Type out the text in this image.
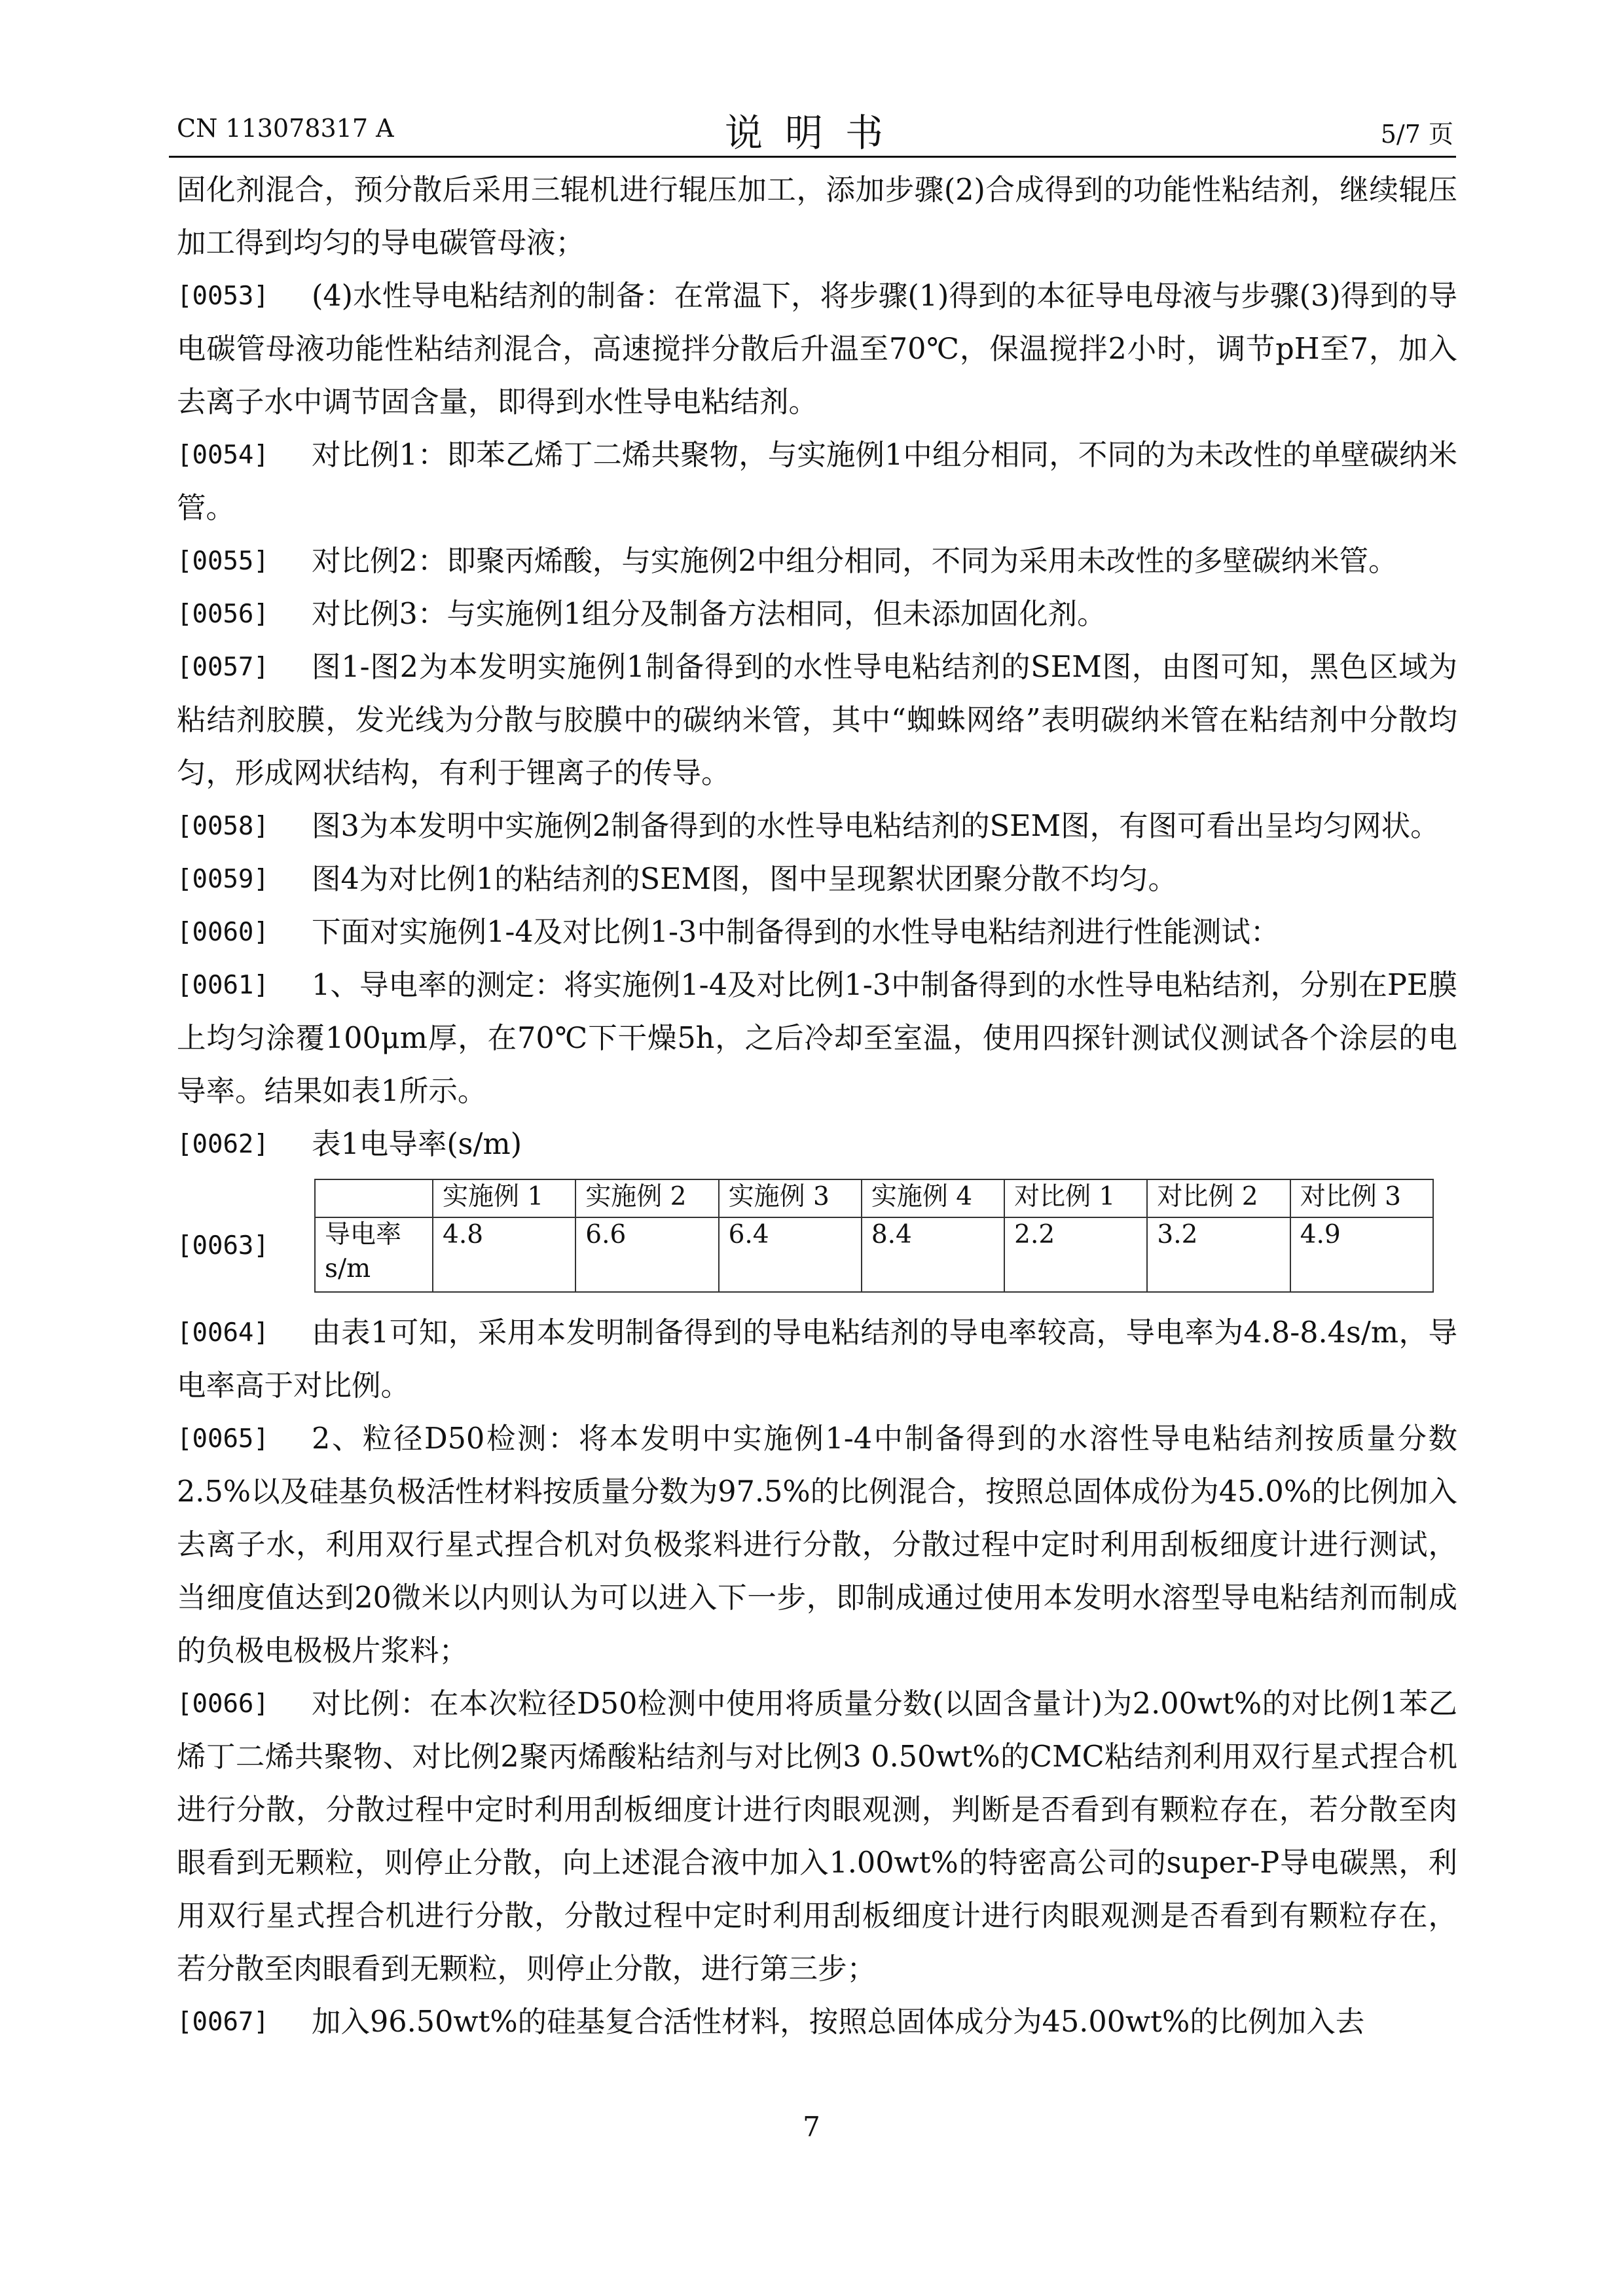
CN 113078317 A	说明书	5/7 页
固化剂混合，预分散后采用三辊机进行辊压加工，添加步骤(2)合成得到的功能性粘结剂，继续辊压加工得到均匀的导电碳管母液；
[0053]	(4)水性导电粘结剂的制备：在常温下，将步骤(1)得到的本征导电母液与步骤(3)得到的导电碳管母液功能性粘结剂混合，高速搅拌分散后升温至70℃，保温搅拌2小时，调节pH至7，加入去离子水中调节固含量，即得到水性导电粘结剂。
[0054]	对比例1：即苯乙烯丁二烯共聚物，与实施例1中组分相同，不同的为未改性的单壁碳纳米管。
[0055]	对比例2：即聚丙烯酸，与实施例2中组分相同，不同为采用未改性的多壁碳纳米管。
[0056]	对比例3：与实施例1组分及制备方法相同，但未添加固化剂。
[0057]	图1-图2为本发明实施例1制备得到的水性导电粘结剂的SEM图，由图可知，黑色区域为粘结剂胶膜，发光线为分散与胶膜中的碳纳米管，其中“蜘蛛网络”表明碳纳米管在粘结剂中分散均匀，形成网状结构，有利于锂离子的传导。
[0058]	图3为本发明中实施例2制备得到的水性导电粘结剂的SEM图，有图可看出呈均匀网状。
[0059]	图4为对比例1的粘结剂的SEM图，图中呈现絮状团聚分散不均匀。
[0060]	下面对实施例1-4及对比例1-3中制备得到的水性导电粘结剂进行性能测试：
[0061]	1、导电率的测定：将实施例1-4及对比例1-3中制备得到的水性导电粘结剂，分别在PE膜上均匀涂覆100μm厚，在70℃下干燥5h，之后冷却至室温，使用四探针测试仪测试各个涂层的电导率。结果如表1所示。
[0062]	表1电导率(s/m)
[0063]
	实施例 1	实施例 2	实施例 3	实施例 4	对比例 1	对比例 2	对比例 3
导电率 s/m	4.8	6.6	6.4	8.4	2.2	3.2	4.9
[0064]	由表1可知，采用本发明制备得到的导电粘结剂的导电率较高，导电率为4.8-8.4s/m，导电率高于对比例。
[0065]	2、粒径D50检测：将本发明中实施例1-4中制备得到的水溶性导电粘结剂按质量分数2.5%以及硅基负极活性材料按质量分数为97.5%的比例混合，按照总固体成份为45.0%的比例加入去离子水，利用双行星式捏合机对负极浆料进行分散，分散过程中定时利用刮板细度计进行测试，当细度值达到20微米以内则认为可以进入下一步，即制成通过使用本发明水溶型导电粘结剂而制成的负极电极极片浆料；
[0066]	对比例：在本次粒径D50检测中使用将质量分数(以固含量计)为2.00wt%的对比例1苯乙烯丁二烯共聚物、对比例2聚丙烯酸粘结剂与对比例3 0.50wt%的CMC粘结剂利用双行星式捏合机进行分散，分散过程中定时利用刮板细度计进行肉眼观测，判断是否看到有颗粒存在，若分散至肉眼看到无颗粒，则停止分散，向上述混合液中加入1.00wt%的特密高公司的super-P导电碳黑，利用双行星式捏合机进行分散，分散过程中定时利用刮板细度计进行肉眼观测是否看到有颗粒存在，若分散至肉眼看到无颗粒，则停止分散，进行第三步；
[0067]	加入96.50wt%的硅基复合活性材料，按照总固体成分为45.00wt%的比例加入去
7
